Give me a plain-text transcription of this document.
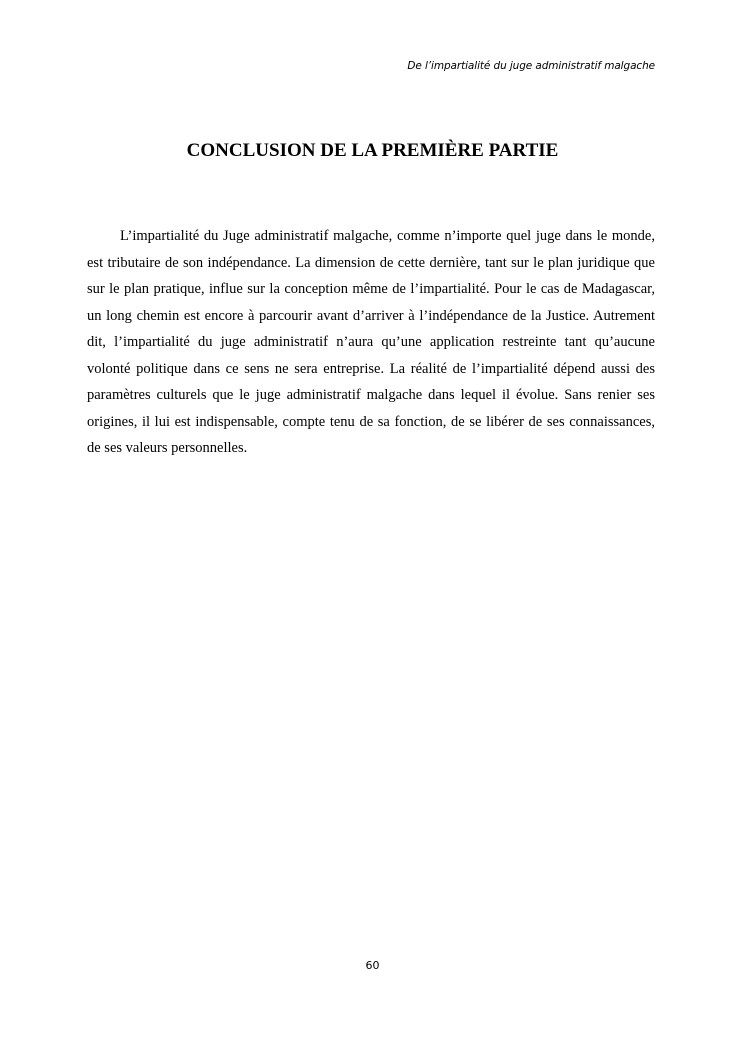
De l’impartialité du juge administratif malgache
CONCLUSION DE LA PREMIÈRE PARTIE

L’impartialité du Juge administratif malgache, comme n’importe quel juge dans le monde, est tributaire de son indépendance. La dimension de cette dernière, tant sur le plan juridique que sur le plan pratique, influe sur la conception même de l’impartialité. Pour le cas de Madagascar, un long chemin est encore à parcourir avant d’arriver à l’indépendance de la Justice. Autrement dit, l’impartialité du juge administratif n’aura qu’une application restreinte tant qu’aucune volonté politique dans ce sens ne sera entreprise. La réalité de l’impartialité dépend aussi des paramètres culturels que le juge administratif malgache dans lequel il évolue. Sans renier ses origines, il lui est indispensable, compte tenu de sa fonction, de se libérer de ses connaissances, de ses valeurs personnelles.

60
